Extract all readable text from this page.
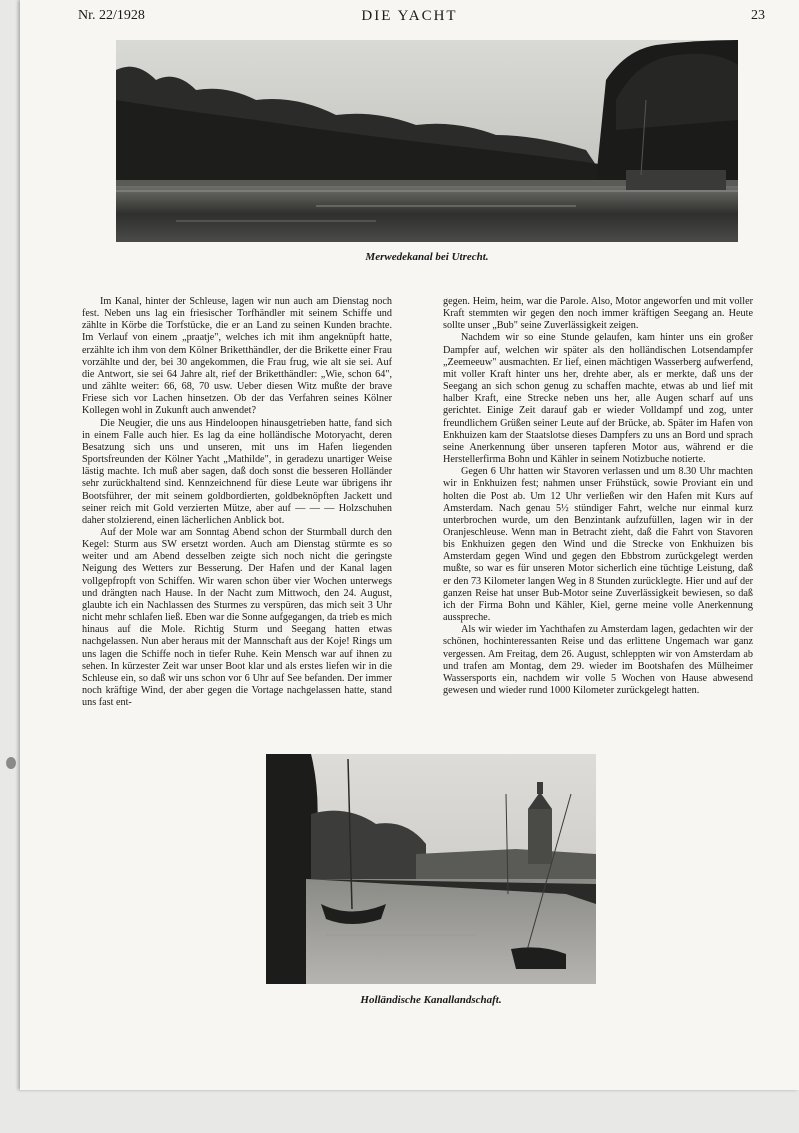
Nr. 22/1928	DIE YACHT	23
Merwedekanal bei Utrecht.

Im Kanal, hinter der Schleuse, lagen wir nun auch am Dienstag noch fest. Neben uns lag ein friesischer Torfhändler mit seinem Schiffe und zählte in Körbe die Torfstücke, die er an Land zu seinen Kunden brachte. Im Verlauf von einem „praatje", welches ich mit ihm angeknüpft hatte, erzählte ich ihm von dem Kölner Briketthändler, der die Brikette einer Frau vorzählte und der, bei 30 angekommen, die Frau frug, wie alt sie sei. Auf die Antwort, sie sei 64 Jahre alt, rief der Briketthändler: „Wie, schon 64", und zählte weiter: 66, 68, 70 usw. Ueber diesen Witz mußte der brave Friese sich vor Lachen hinsetzen. Ob der das Verfahren seines Kölner Kollegen wohl in Zukunft auch anwendet?

Die Neugier, die uns aus Hindeloopen hinausgetrieben hatte, fand sich in einem Falle auch hier. Es lag da eine holländische Motoryacht, deren Besatzung sich uns und unseren, mit uns im Hafen liegenden Sportsfreunden der Kölner Yacht „Mathilde", in geradezu unartiger Weise lästig machte. Ich muß aber sagen, daß doch sonst die besseren Holländer sehr zurückhaltend sind. Kennzeichnend für diese Leute war übrigens ihr Bootsführer, der mit seinem goldbordierten, goldbeknöpften Jackett und seiner reich mit Gold verzierten Mütze, aber auf — — — Holzschuhen daher stolzierend, einen lächerlichen Anblick bot.

Auf der Mole war am Sonntag Abend schon der Sturmball durch den Kegel: Sturm aus SW ersetzt worden. Auch am Dienstag stürmte es so weiter und am Abend desselben zeigte sich noch nicht die geringste Neigung des Wetters zur Besserung. Der Hafen und der Kanal lagen vollgepfropft von Schiffen. Wir waren schon über vier Wochen unterwegs und drängten nach Hause. In der Nacht zum Mittwoch, den 24. August, glaubte ich ein Nachlassen des Sturmes zu verspüren, das mich seit 3 Uhr nicht mehr schlafen ließ. Eben war die Sonne aufgegangen, da trieb es mich hinaus auf die Mole. Richtig Sturm und Seegang hatten etwas nachgelassen. Nun aber heraus mit der Mannschaft aus der Koje! Rings um uns lagen die Schiffe noch in tiefer Ruhe. Kein Mensch war auf ihnen zu sehen. In kürzester Zeit war unser Boot klar und als erstes liefen wir in die Schleuse ein, so daß wir uns schon vor 6 Uhr auf See befanden. Der immer noch kräftige Wind, der aber gegen die Vortage nachgelassen hatte, stand uns fast ent-

gegen. Heim, heim, war die Parole. Also, Motor angeworfen und mit voller Kraft stemmten wir gegen den noch immer kräftigen Seegang an. Heute sollte unser „Bub" seine Zuverlässigkeit zeigen.

Nachdem wir so eine Stunde gelaufen, kam hinter uns ein großer Dampfer auf, welchen wir später als den holländischen Lotsendampfer „Zeemeeuw" ausmachten. Er lief, einen mächtigen Wasserberg aufwerfend, mit voller Kraft hinter uns her, drehte aber, als er merkte, daß uns der Seegang an sich schon genug zu schaffen machte, etwas ab und lief mit halber Kraft, eine Strecke neben uns her, alle Augen scharf auf uns gerichtet. Einige Zeit darauf gab er wieder Volldampf und zog, unter freundlichem Grüßen seiner Leute auf der Brücke, ab. Später im Hafen von Enkhuizen kam der Staatslotse dieses Dampfers zu uns an Bord und sprach seine Anerkennung über unseren tapferen Motor aus, während er die Herstellerfirma Bohn und Kähler in seinem Notizbuche notierte.

Gegen 6 Uhr hatten wir Stavoren verlassen und um 8.30 Uhr machten wir in Enkhuizen fest; nahmen unser Frühstück, sowie Proviant ein und holten die Post ab. Um 12 Uhr verließen wir den Hafen mit Kurs auf Amsterdam. Nach genau 5½ stündiger Fahrt, welche nur einmal kurz unterbrochen wurde, um den Benzintank aufzufüllen, lagen wir in der Oranjeschleuse. Wenn man in Betracht zieht, daß die Fahrt von Stavoren bis Enkhuizen gegen den Wind und die Strecke von Enkhuizen bis Amsterdam gegen Wind und gegen den Ebbstrom zurückgelegt werden mußte, so war es für unseren Motor sicherlich eine tüchtige Leistung, daß er den 73 Kilometer langen Weg in 8 Stunden zurücklegte. Hier und auf der ganzen Reise hat unser Bub-Motor seine Zuverlässigkeit bewiesen, so daß ich der Firma Bohn und Kähler, Kiel, gerne meine volle Anerkennung ausspreche.

Als wir wieder im Yachthafen zu Amsterdam lagen, gedachten wir der schönen, hochinteressanten Reise und das erlittene Ungemach war ganz vergessen. Am Freitag, dem 26. August, schleppten wir von Amsterdam ab und trafen am Montag, dem 29. wieder im Bootshafen des Mülheimer Wassersports ein, nachdem wir volle 5 Wochen von Hause abwesend gewesen und wieder rund 1000 Kilometer zurückgelegt hatten.

Holländische Kanallandschaft.
